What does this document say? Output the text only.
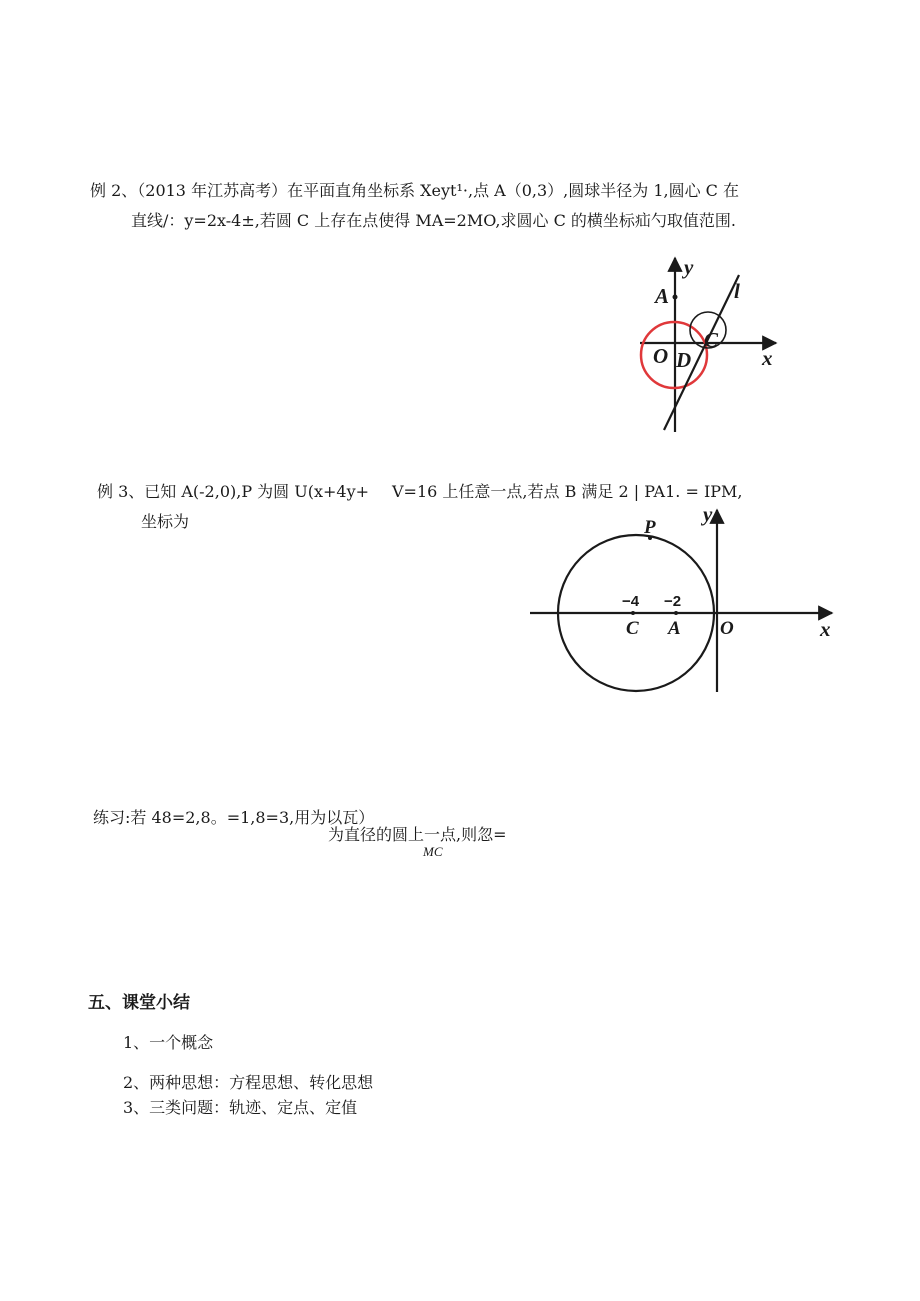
例 2、（2013 年江苏高考）在平面直角坐标系 Xeyt¹·,点 A（0,3）,圆球半径为 1,圆心 C 在
直线/：y=2x-4±,若圆 C 上存在点使得 MA=2MO,求圆心 C 的横坐标疝勺取值范围.
y
A	l
C
O D	x
例 3、已知 A(-2,0),P 为圆 U(x+4y+ V=16 上任意一点,若点 B 满足 2 | PA1. = IPM,
坐标为	P
y
−4 −2
C A O	x
练习:若 48=2,8。=1,8=3,用为以瓦）
为直径的圆上一点,则忽=
MC
五、课堂小结
1、一个概念
2、两种思想：方程思想、转化思想
3、三类问题：轨迹、定点、定值
